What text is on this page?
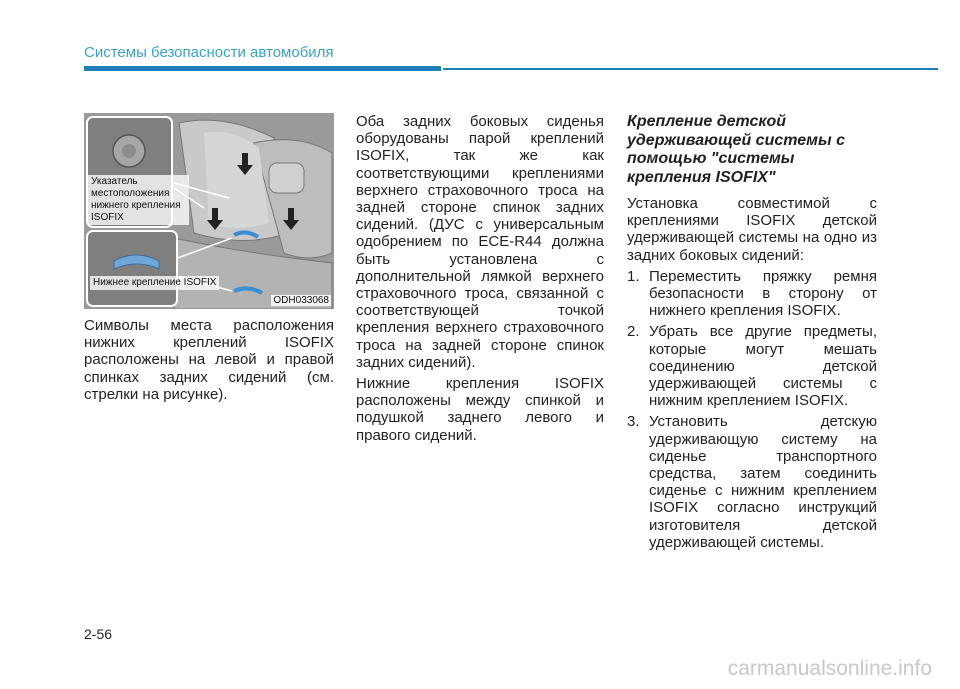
Системы безопасности автомобиля
Указатель местоположения нижнего крепления ISOFIX
Нижнее крепление ISOFIX
ODH033068

Символы места расположения нижних креплений ISOFIX расположены на левой и правой спинках задних сидений (см. стрелки на рисунке).

Оба задних боковых сиденья оборудованы парой креплений ISOFIX, так же как соответствующими креплениями верхнего страховочного троса на задней стороне спинок задних сидений. (ДУС с универсальным одобрением по ECE-R44 должна быть установлена с дополнительной лямкой верхнего страховочного троса, связанной с соответствующей точкой крепления верхнего страховочного троса на задней стороне спинок задних сидений).

Нижние крепления ISOFIX расположены между спинкой и подушкой заднего левого и правого сидений.

Крепление детской удерживающей системы с помощью "системы крепления ISOFIX"

Установка совместимой с креплениями ISOFIX детской удерживающей системы на одно из задних боковых сидений:

1. Переместить пряжку ремня безопасности в сторону от нижнего крепления ISOFIX.
2. Убрать все другие предметы, которые могут мешать соединению детской удерживающей системы с нижним креплением ISOFIX.
3. Установить детскую удерживающую систему на сиденье транспортного средства, затем соединить сиденье с нижним креплением ISOFIX согласно инструкций изготовителя детской удерживающей системы.
2-56
carmanualsonline.info
